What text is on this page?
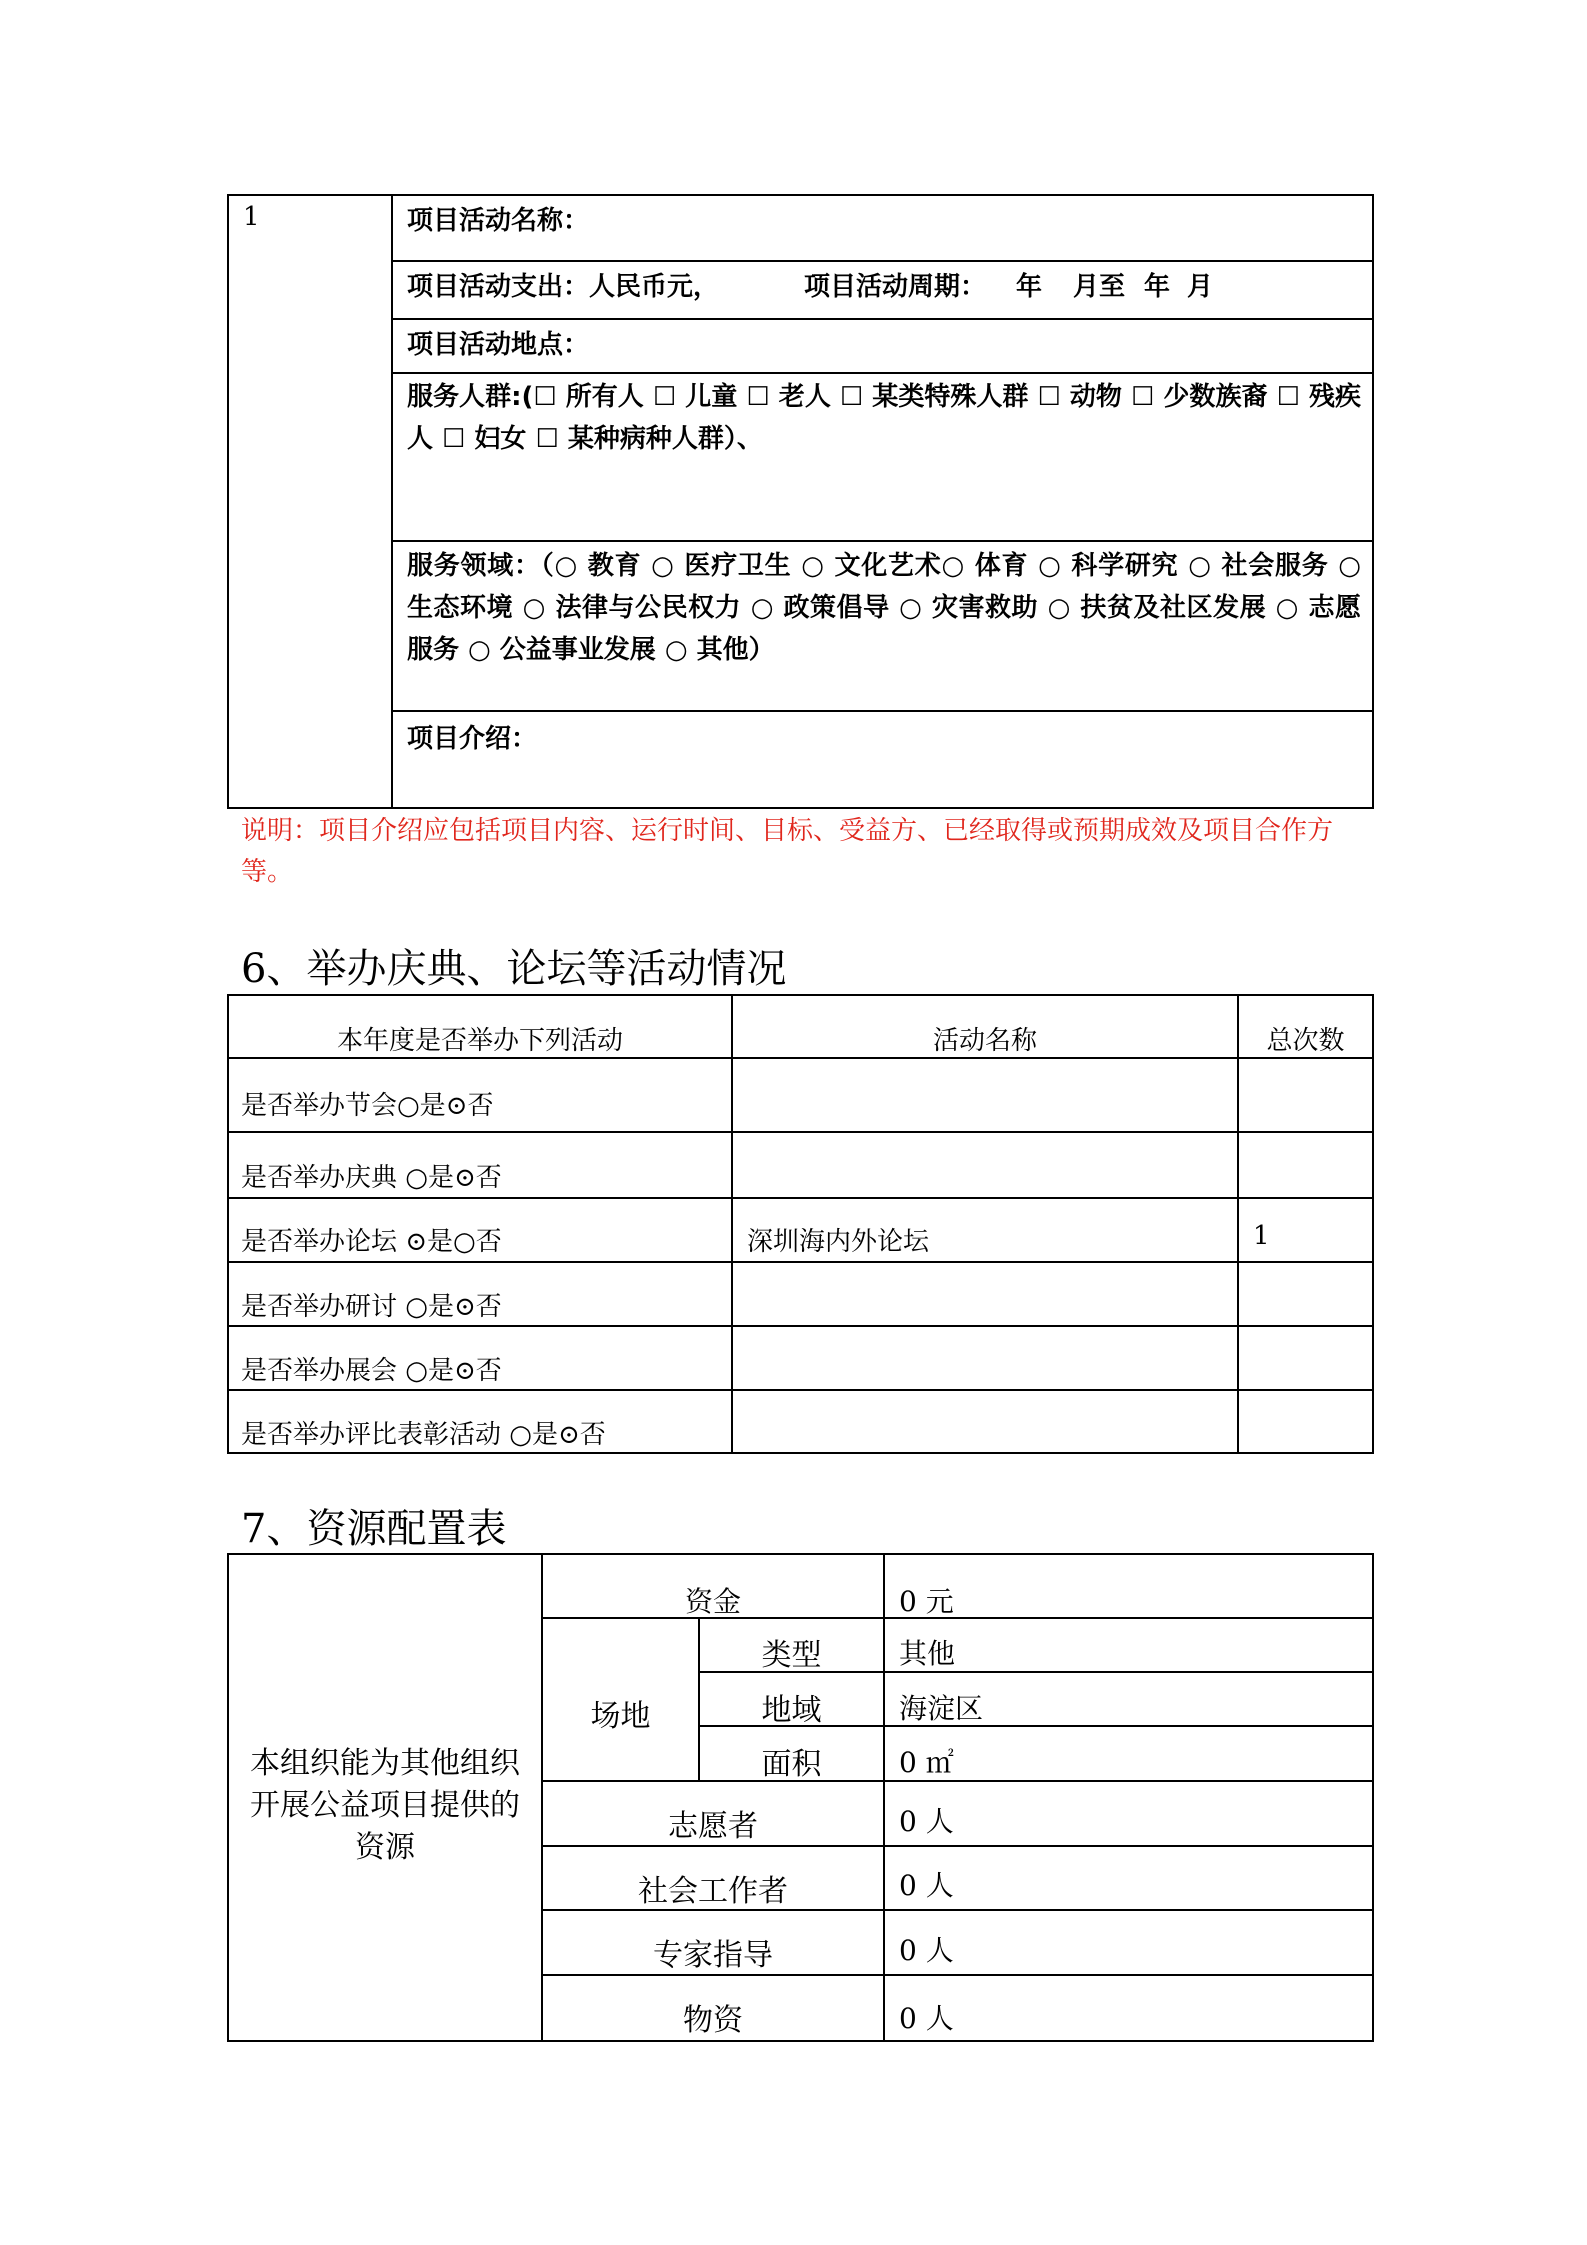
1	项目活动名称：
项目活动支出：人民币元，	项目活动周期： 年 月至 年 月
项目活动地点：
服务人群:(☐ 所有人 ☐ 儿童 ☐ 老人 ☐ 某类特殊人群 ☐ 动物 ☐ 少数族裔 ☐ 残疾人 ☐ 妇女 ☐ 某种病种人群）、
服务领域：（○ 教育 ○ 医疗卫生 ○ 文化艺术○ 体育 ○ 科学研究 ○ 社会服务 ○ 生态环境 ○ 法律与公民权力 ○ 政策倡导 ○ 灾害救助 ○ 扶贫及社区发展 ○ 志愿服务 ○ 公益事业发展 ○ 其他）
项目介绍：
说明：项目介绍应包括项目内容、运行时间、目标、受益方、已经取得或预期成效及项目合作方等。
6、举办庆典、论坛等活动情况
本年度是否举办下列活动	活动名称	总次数
是否举办节会○是⊙否
是否举办庆典 ○是⊙否
是否举办论坛 ⊙是○否	深圳海内外论坛	1
是否举办研讨 ○是⊙否
是否举办展会 ○是⊙否
是否举办评比表彰活动 ○是⊙否
7、资源配置表
本组织能为其他组织开展公益项目提供的资源
资金	0 元
场地
类型	其他
地域	海淀区
面积	0 ㎡
志愿者	0 人
社会工作者	0 人
专家指导	0 人
物资	0 人
